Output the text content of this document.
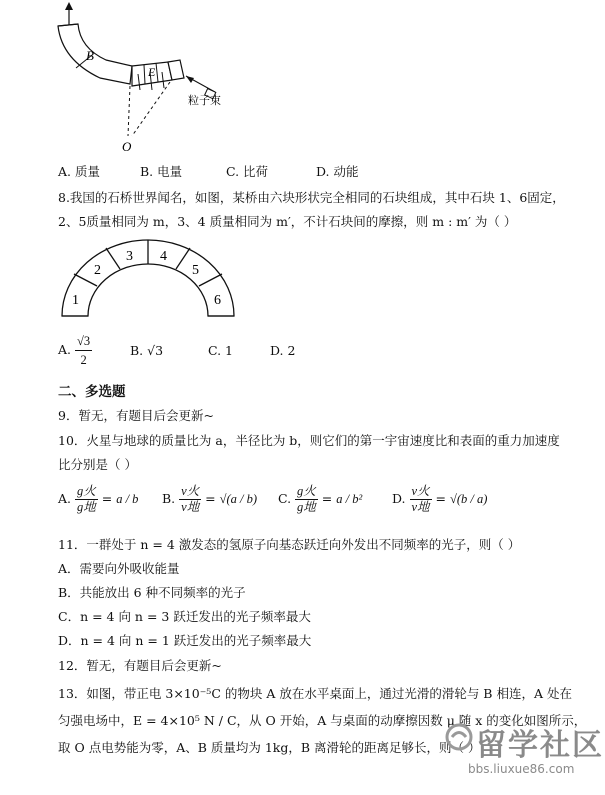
B
E
O
粒子束
A. 质量	B. 电量	C. 比荷	D. 动能
8.我国的石桥世界闻名，如图，某桥由六块形状完全相同的石块组成，其中石块 1、6固定，
2、5质量相同为 m，3、4 质量相同为 m′，不计石块间的摩擦，则 m : m′ 为（ ）
1
2
3 4
5
6
A. $\frac{√3}{2}$	B. √3	C. 1	D. 2
二、多选题
9．暂无，有题目后会更新~
10．火星与地球的质量比为 a，半径比为 b，则它们的第一宇宙速度比和表面的重力加速度
比分别是（ ）
A. $\frac{\text{g火}}{\text{g地}} = a / b$ B. $\frac{\text{v火}}{\text{v地}} = √(a / b)$ C. $\frac{\text{g火}}{\text{g地}} = a / b^2$ D. $\frac{\text{v火}}{\text{v地}} = √(b / a)$
11．一群处于 n = 4 激发态的氢原子向基态跃迁向外发出不同频率的光子，则（ ）
A．需要向外吸收能量
B．共能放出 6 种不同频率的光子
C．n = 4 向 n = 3 跃迁发出的光子频率最大
D．n = 4 向 n = 1 跃迁发出的光子频率最大
12．暂无，有题目后会更新~
13．如图，带正电 3×10⁻⁵C 的物块 A 放在水平桌面上，通过光滑的滑轮与 B 相连，A 处在
匀强电场中，E = 4×10⁵ N / C，从 O 开始，A 与桌面的动摩擦因数 μ 随 x 的变化如图所示，
取 O 点电势能为零，A、B 质量均为 1kg，B 离滑轮的距离足够长，则（ ）
留学社区
bbs.liuxue86.com
